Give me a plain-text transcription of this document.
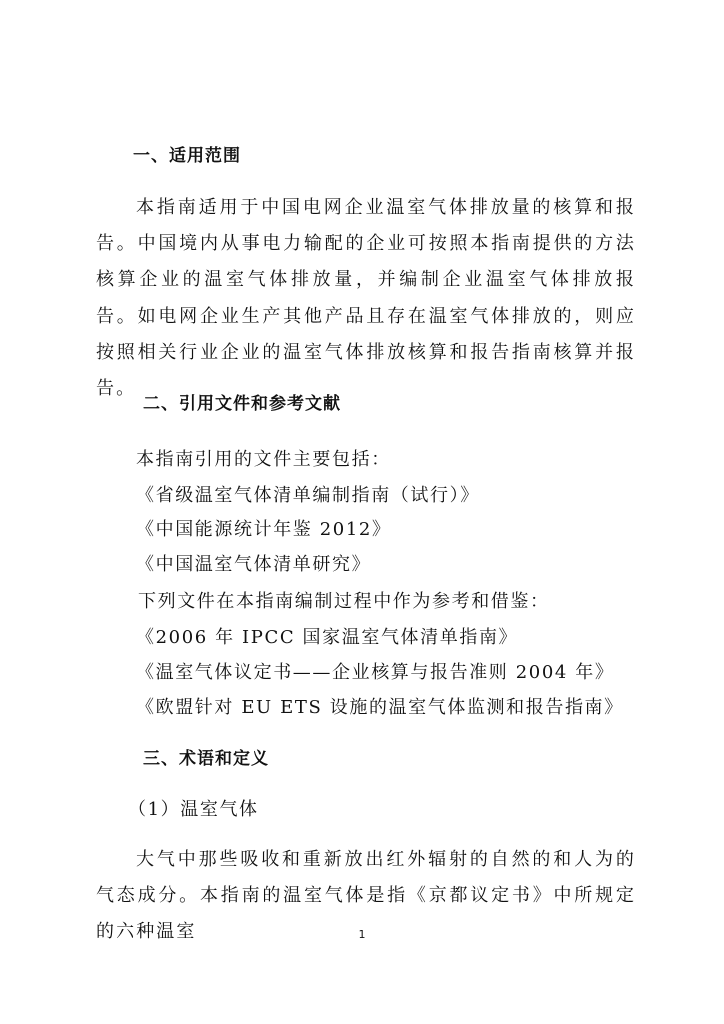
一、适用范围
本指南适用于中国电网企业温室气体排放量的核算和报告。中国境内从事电力输配的企业可按照本指南提供的方法核算企业的温室气体排放量，并编制企业温室气体排放报告。如电网企业生产其他产品且存在温室气体排放的，则应按照相关行业企业的温室气体排放核算和报告指南核算并报告。
二、引用文件和参考文献
本指南引用的文件主要包括：
《省级温室气体清单编制指南（试行）》
《中国能源统计年鉴 2012》
《中国温室气体清单研究》
下列文件在本指南编制过程中作为参考和借鉴：
《2006 年 IPCC 国家温室气体清单指南》
《温室气体议定书——企业核算与报告准则 2004 年》
《欧盟针对 EU ETS 设施的温室气体监测和报告指南》
三、术语和定义
（1）温室气体
大气中那些吸收和重新放出红外辐射的自然的和人为的气态成分。本指南的温室气体是指《京都议定书》中所规定的六种温室	1
